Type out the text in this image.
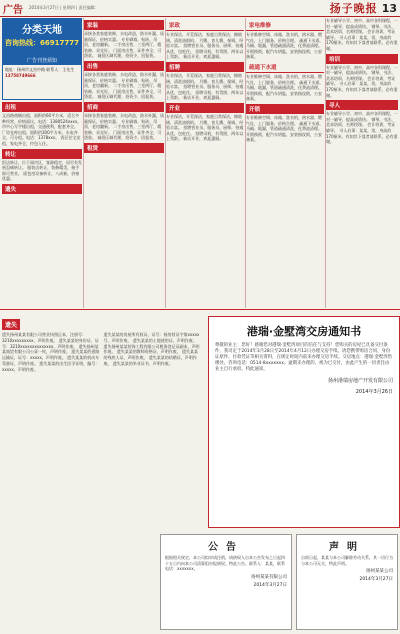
广告 2014年3月27日 | 星期四 | 责任编辑：	扬子晚报 13
分类天地
咨询热线：66917777
广告刊登须知
地址：扬州市文昌中路 联系人：王先生
13758749666
出租
文昌路商铺出租，面积约60平方米，适合多种经营，价格面议。电话：1380524xxxx。 市中心写字楼出租，交通便利，配套齐全。 厂房仓库出租，面积约300平方米，水电齐全，可分租。电话：1378xxx。 西区住宅出租，家电齐全，拎包入住。
转让
饭店转让，位于闹市区，客源稳定，因另有发展忍痛转让。 服装店转让，装修精美，接手即可营业。 面包房设备转让，八成新，价格优惠。
遗失
家装
承接各类家庭装修，水电改造，防水补漏，质量保证，价格实惠。 专业刷墙、贴砖、吊顶，老房翻新。 二手房出售，三室两厅，精装修，采光好。 门面房出售，证件齐全，可贷款。 诚招区域代理，投资少，回报快。
出售
承接各类家庭装修，水电改造，防水补漏，质量保证，价格实惠。 专业刷墙、贴砖、吊顶，老房翻新。 二手房出售，三室两厅，精装修，采光好。 门面房出售，证件齐全，可贷款。 诚招区域代理，投资少，回报快。
招商
承接各类家庭装修，水电改造，防水补漏，质量保证，价格实惠。 专业刷墙、贴砖、吊顶，老房翻新。 二手房出售，三室两厅，精装修，采光好。 门面房出售，证件齐全，可贷款。 诚招区域代理，投资少，回报快。
租赁
家政
专业保洁，开荒保洁，家庭日常保洁，擦玻璃，清洗油烟机。 月嫂、育儿嫂、保姆，经验丰富。 招聘营业员、服务员、厨师，待遇从优，包吃住。 招聘司机，有驾照，两年以上驾龄。 新店开业，欢迎惠顾。
招聘
专业保洁，开荒保洁，家庭日常保洁，擦玻璃，清洗油烟机。 月嫂、育儿嫂、保姆，经验丰富。 招聘营业员、服务员、厨师，待遇从优，包吃住。 招聘司机，有驾照，两年以上驾龄。 新店开业，欢迎惠顾。
开业
专业保洁，开荒保洁，家庭日常保洁，擦玻璃，清洗油烟机。 月嫂、育儿嫂、保姆，经验丰富。 招聘营业员、服务员、厨师，待遇从优，包吃住。 招聘司机，有驾照，两年以上驾龄。 新店开业，欢迎惠顾。
家电维修
专业维修空调、冰箱、洗衣机、热水器、燃气灶，上门服务，价格合理。 疏通下水道、马桶、地漏，管道疏通清洗，化粪池清理。 开锁换锁，配汽车钥匙，安装指纹锁，公安备案。
疏通下水道
专业维修空调、冰箱、洗衣机、热水器、燃气灶，上门服务，价格合理。 疏通下水道、马桶、地漏，管道疏通清洗，化粪池清理。 开锁换锁，配汽车钥匙，安装指纹锁，公安备案。
开锁
专业维修空调、冰箱、洗衣机、热水器、燃气灶，上门服务，价格合理。 疏通下水道、马桶、地漏，管道疏通清洗，化粪池清理。 开锁换锁，配汽车钥匙，安装指纹锁，公安备案。
专业辅导小学、初中、高中各科课程，一对一辅导，提高成绩快。 钢琴、书法、美术培训，名师授课。 会计培训，考证辅导。 寻人启事：某某，男，身高约170厘米，有知其下落者请联系，必有重谢。
培训
专业辅导小学、初中、高中各科课程，一对一辅导，提高成绩快。 钢琴、书法、美术培训，名师授课。 会计培训，考证辅导。 寻人启事：某某，男，身高约170厘米，有知其下落者请联系，必有重谢。
寻人
专业辅导小学、初中、高中各科课程，一对一辅导，提高成绩快。 钢琴、书法、美术培训，名师授课。 会计培训，考证辅导。 寻人启事：某某，男，身高约170厘米，有知其下落者请联系，必有重谢。
遗失
遗失扬州某某有限公司营业执照正本，注册号：3210xxxxxxxxx，声明作废。 遗失某某的身份证，证号：3210xxxxxxxxxxxxxx，声明作废。 遗失扬州某某商贸有限公司公章一枚，声明作废。 遗失某某的道路运输证，证号：xxxxx，声明作废。 遗失某某的机动车驾驶证，声明作废。 遗失某某的出生医学证明，编号：xxxxx，声明作废。
遗失某某的房屋所有权证，证号：扬房权证字第xxxxx号，声明作废。 遗失某某的土地使用证，声明作废。 遗失扬州某某装饰工程有限公司税务登记证副本，声明作废。 遗失某某的教师资格证，声明作废。 遗失某某的残疾人证，声明作废。 遗失某某的结婚证，声明作废。 遗失某某的毕业证书，声明作废。
港瑞·金墅湾交房通知书
尊敬的业主：您好！感谢您对港瑞·金墅湾项目的信任与支持！您购买的房屋已具备交付条件，我司定于2014年3月28日至2014年4月12日办理交房手续。请您携带购房合同、身份证原件、付款凭证等相关资料，在规定时间内前来办理交房手续。交房地点：港瑞·金墅湾售楼处。咨询电话：0514-8xxxxxxx。逾期未办理的，视为已交付，由此产生的一切责任由业主自行承担。特此通知。
扬州港瑞房地产开发有限公司
2014年3月26日
公告
根据相关规定，本公司拟申请注销，请债权人自本公告发布之日起四十五日内向本公司清算组申报债权。特此公告。联系人：某某，联系电话：xxxxxxx。
扬州某某有限公司
2014年3月27日
声明
自即日起，某某与本公司解除劳动关系，其一切行为与本公司无关，特此声明。
扬州某某公司
2014年3月27日
